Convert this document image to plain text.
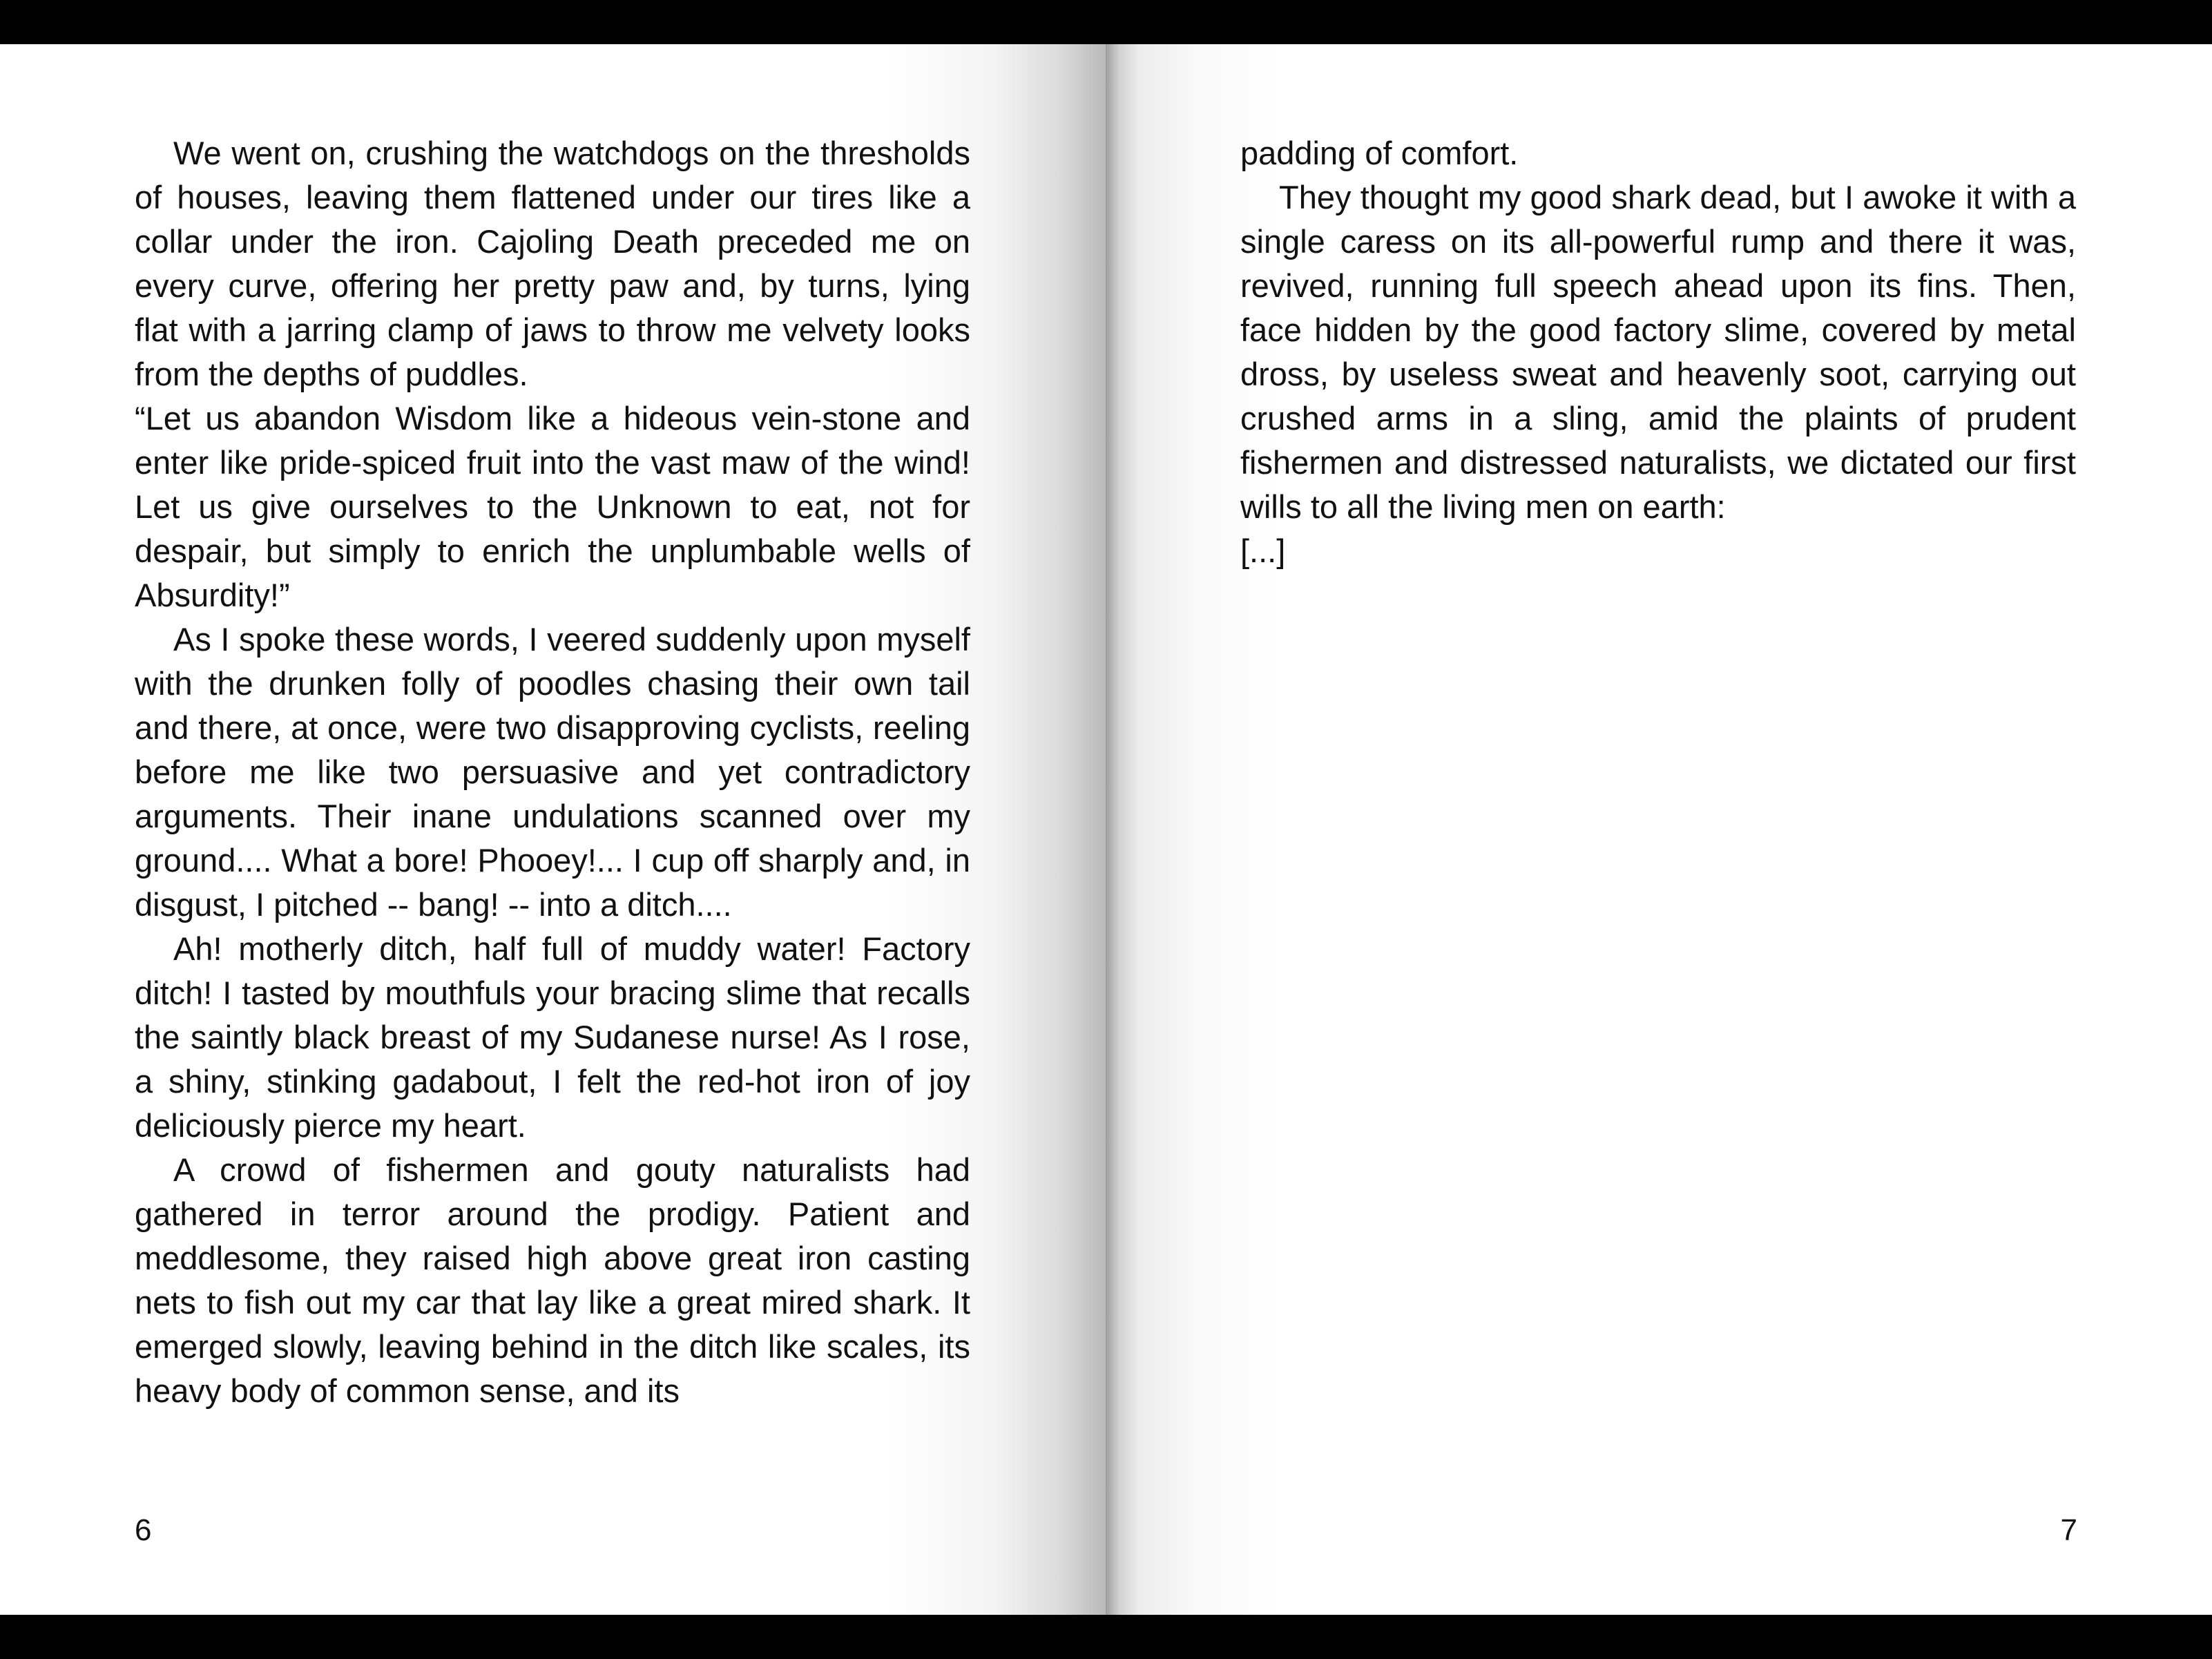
We went on, crushing the watchdogs on the thresholds of houses, leaving them flattened under our tires like a collar under the iron. Cajoling Death preceded me on every curve, offering her pretty paw and, by turns, lying flat with a jarring clamp of jaws to throw me velvety looks from the depths of puddles.

“Let us abandon Wisdom like a hideous vein-stone and enter like pride-spiced fruit into the vast maw of the wind! Let us give ourselves to the Unknown to eat, not for despair, but simply to enrich the unplumbable wells of Absurdity!”

As I spoke these words, I veered suddenly upon myself with the drunken folly of poodles chasing their own tail and there, at once, were two disapproving cyclists, reeling before me like two persuasive and yet contradictory arguments. Their inane undulations scanned over my ground.... What a bore! Phooey!... I cup off sharply and, in disgust, I pitched -- bang! -- into a ditch....

Ah! motherly ditch, half full of muddy water! Factory ditch! I tasted by mouthfuls your bracing slime that recalls the saintly black breast of my Sudanese nurse! As I rose, a shiny, stinking gadabout, I felt the red-hot iron of joy deliciously pierce my heart.

A crowd of fishermen and gouty naturalists had gathered in terror around the prodigy. Patient and meddlesome, they raised high above great iron casting nets to fish out my car that lay like a great mired shark. It emerged slowly, leaving behind in the ditch like scales, its heavy body of common sense, and its

6

padding of comfort.

They thought my good shark dead, but I awoke it with a single caress on its all-powerful rump and there it was, revived, running full speech ahead upon its fins. Then, face hidden by the good factory slime, covered by metal dross, by useless sweat and heavenly soot, carrying out crushed arms in a sling, amid the plaints of prudent fishermen and distressed naturalists, we dictated our first wills to all the living men on earth:

[...]

7
